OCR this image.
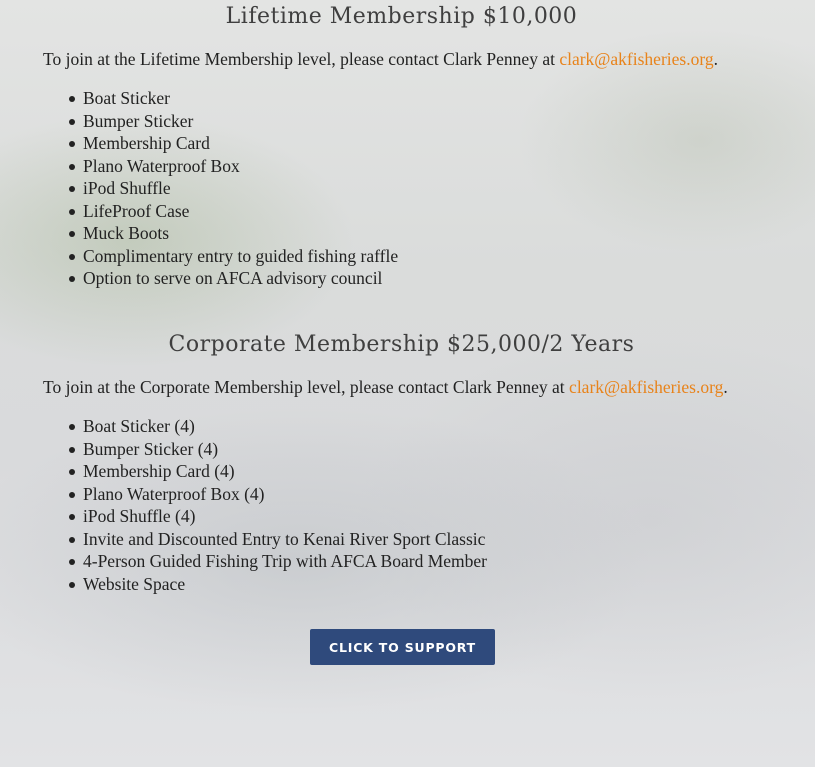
Lifetime Membership $10,000

To join at the Lifetime Membership level, please contact Clark Penney at clark@akfisheries.org.

Boat Sticker
Bumper Sticker
Membership Card
Plano Waterproof Box
iPod Shuffle
LifeProof Case
Muck Boots
Complimentary entry to guided fishing raffle
Option to serve on AFCA advisory council
Corporate Membership $25,000/2 Years

To join at the Corporate Membership level, please contact Clark Penney at clark@akfisheries.org.

Boat Sticker (4)
Bumper Sticker (4)
Membership Card (4)
Plano Waterproof Box (4)
iPod Shuffle (4)
Invite and Discounted Entry to Kenai River Sport Classic
4-Person Guided Fishing Trip with AFCA Board Member
Website Space
CLICK TO SUPPORT
